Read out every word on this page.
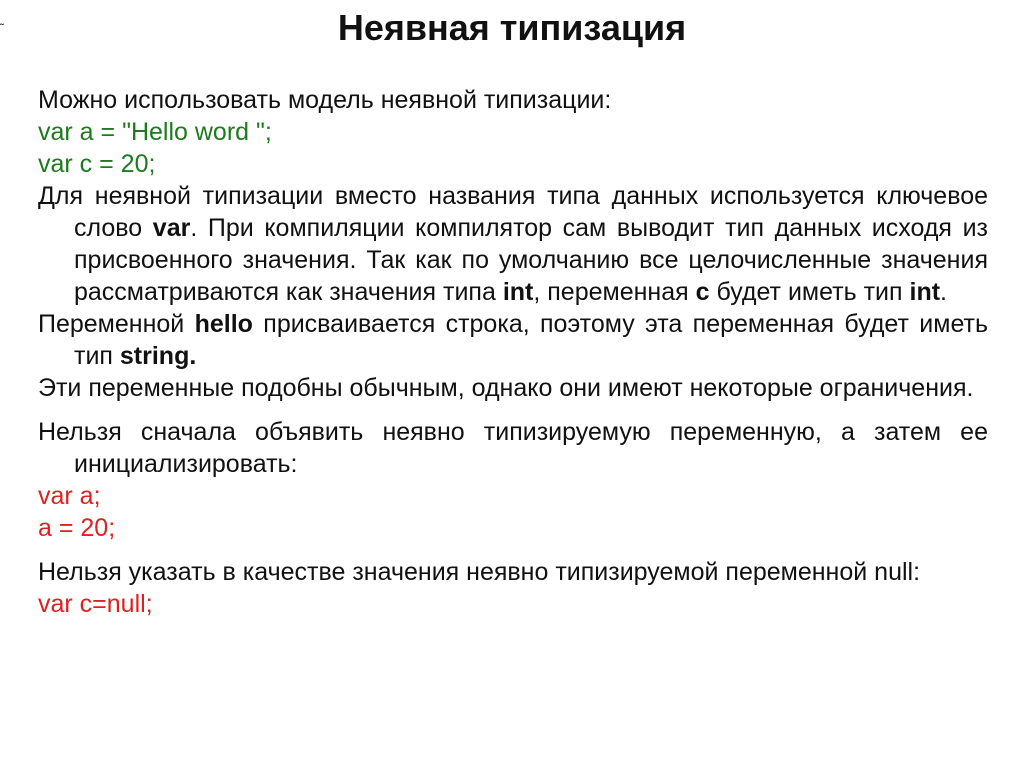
˜	Неявная типизация

Можно использовать модель неявной типизации:

var a = "Hello word ";

var c = 20;

Для неявной типизации вместо названия типа данных используется ключевое слово var. При компиляции компилятор сам выводит тип данных исходя из присвоенного значения. Так как по умолчанию все целочисленные значения рассматриваются как значения типа int, переменная c будет иметь тип int.

Переменной hello присваивается строка, поэтому эта переменная будет иметь тип string.

Эти переменные подобны обычным, однако они имеют некоторые ограничения.

Нельзя сначала объявить неявно типизируемую переменную, а затем ее инициализировать:

var a;

a = 20;

Нельзя указать в качестве значения неявно типизируемой переменной null:

var c=null;
